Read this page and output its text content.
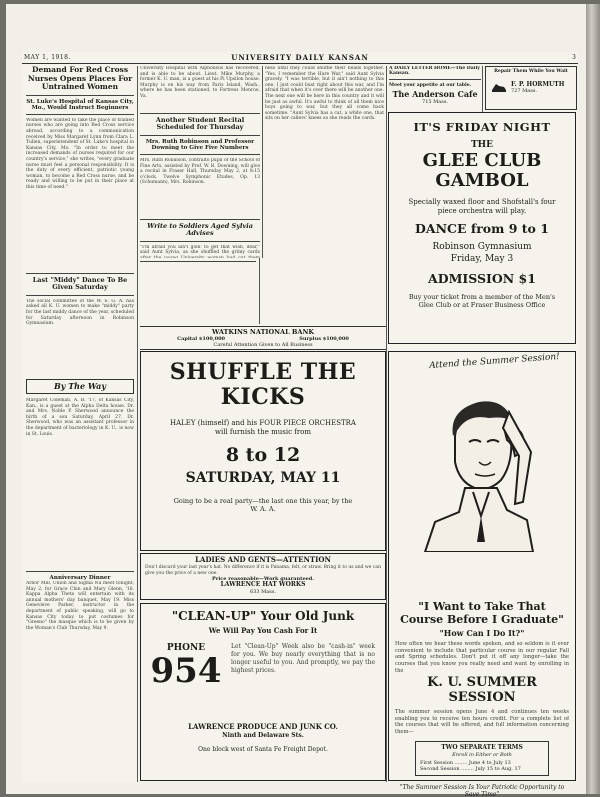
MAY 1, 1918.	UNIVERSITY DAILY KANSAN	3
Demand For Red Cross Nurses Opens Places For Untrained Women
St. Luke's Hospital of Kansas City, Mo., Would Instruct Beginners
Women are wanted to take the place of trained nurses who are going into Red Cross service abroad, according to a communication received by Miss Margaret Lynn from Clara L. Tullen, superintendent of St. Luke's hospital in Kansas City, Mo. "In order to meet the increased demands of nurses required for our country's service," she writes, "every graduate nurse must feel a personal responsibility. It is the duty of every efficient, patriotic young woman, to become a Red Cross nurse, and be ready and willing to be put in their place at this time of need."
Last "Middy" Dance To Be Given Saturday
The social committee of the W. S. G. A. has asked all K. U. women to make "middy" party for the last middy dance of the year, scheduled for Saturday afternoon in Robinson Gymnasium.
By The Way
Margaret Coleman, A. B. '17, of Kansas City, Kan., is a guest at the Alpha Delta house. Dr. and Mrs. Noble P. Sherwood announce the birth of a son Saturday, April 27. Dr. Sherwood, who was an assistant professor in the department of bacteriology in K. U., is now in St. Louis.
Anniversary Dinner
Arbor Mill, Union and Sigma Nu meet tonight, May 2, for Grace Chin and Mary Glenn, '16. Kappa Alpha Theta will entertain with its annual mothers' day banquet, May 19. Miss Genevieve Parker, instructor in the department of public speaking, will go to Kansas City today to put costumes for "Greeno" the masque which is to be given by the Woman's Club Thursday, May 9.
University Hospital with Alphonsus has recovered, and is able to be about. Lieut. Mike Murphy, a former K. U. man, is a guest at his Pi Upsilon house. Murphy is on his way from Paris Island, Wash., where he has been stationed, to Fortress Monroe, Va.
Another Student Recital Scheduled for Thursday
Mrs. Ruth Robinson and Professor Downing to Give Five Numbers
Mrs. Ruth Robinson, contralto pupil of the School of Fine Arts, assisted by Prof. W. B. Downing, will give a recital in Fraser Hall, Thursday May 2, at 8:15 o'clock. Twelve Symphonic Etudes, Op. 13 (Schumann), Mrs. Robinson.
Write to Soldiers Aged Sylvia Advises
"I'm afraid you ain't goin' to get that wish, dear," said Aunt Sylvia, as she shuffled the grimy cards
ness until they could shuffle their heads together. "Yes, I remember the Hare War," said Aunt Sylvia gravely. "I was terrible, but it ain't nothing to this one. I just could bust right about this war, and I'm afraid that when it's over there will be another one. The next one will be here in this country and it will be just as awful. It's awful to think of all them nice boys going to war, but they all come back sometime. "Aunt Sylvia has a cat, a white one, that sits on her callers' knees as she reads the cards.
A DAILY LETTER HOME—The Daily Kansan.
Meet your appetite at our table.
The Anderson Cafe
715 Mass.
Repair Them While You Wait
F. P. HORMUTH
727 Mass.
IT'S FRIDAY NIGHT
THE
GLEE CLUB
GAMBOL
Specially waxed floor and Shofstall's four piece orchestra will play.
DANCE from 9 to 1
Robinson Gymnasium
Friday, May 3
ADMISSION $1
Buy your ticket from a member of the Men's Glee Club or at Fraser Business Office
WATKINS NATIONAL BANK
Capital $100,000	Surplus $100,000
Careful Attention Given to All Business
SHUFFLE THE
KICKS
HALEY (himself) and his FOUR PIECE ORCHESTRA will furnish the music from
8 to 12
SATURDAY, MAY 11
Going to be a real party—the last one this year, by the W. A. A.
LADIES AND GENTS—ATTENTION
Don't discard your last year's hat. No difference if it is Panama, felt, or straw. Bring it to us and we can give you the price of a new one.
Price reasonable—Work guaranteed.
LAWRENCE HAT WORKS
633 Mass.
"CLEAN-UP" Your Old Junk
We Will Pay You Cash For It
PHONE
954
Let "Clean-Up" Week also be "cash-in" week for you. We buy nearly everything that is no longer useful to you. And promptly, we pay the highest prices.
LAWRENCE PRODUCE AND JUNK CO.
Ninth and Delaware Sts.
One block west of Santa Fe Freight Depot.
Attend the Summer Session!
"I Want to Take That Course Before I Graduate"
"How Can I Do It?"
How often we hear these words spoken, and so seldom is it ever convenient to include that particular course in our regular Fall and Spring schedules. Don't put it off any longer—take the courses that you know you really need and want by enrolling in the
K. U. SUMMER SESSION
The summer session opens June 4 and continues ten weeks enabling you to receive ten hours credit. For a complete list of the courses that will be offered, and full information concerning them—
TWO SEPARATE TERMS
Enroll in Either or Both
First Session ........ June 4 to July 13
Second Session ........ July 15 to Aug. 17
"The Summer Session Is Your Patriotic Opportunity to Save Time"
